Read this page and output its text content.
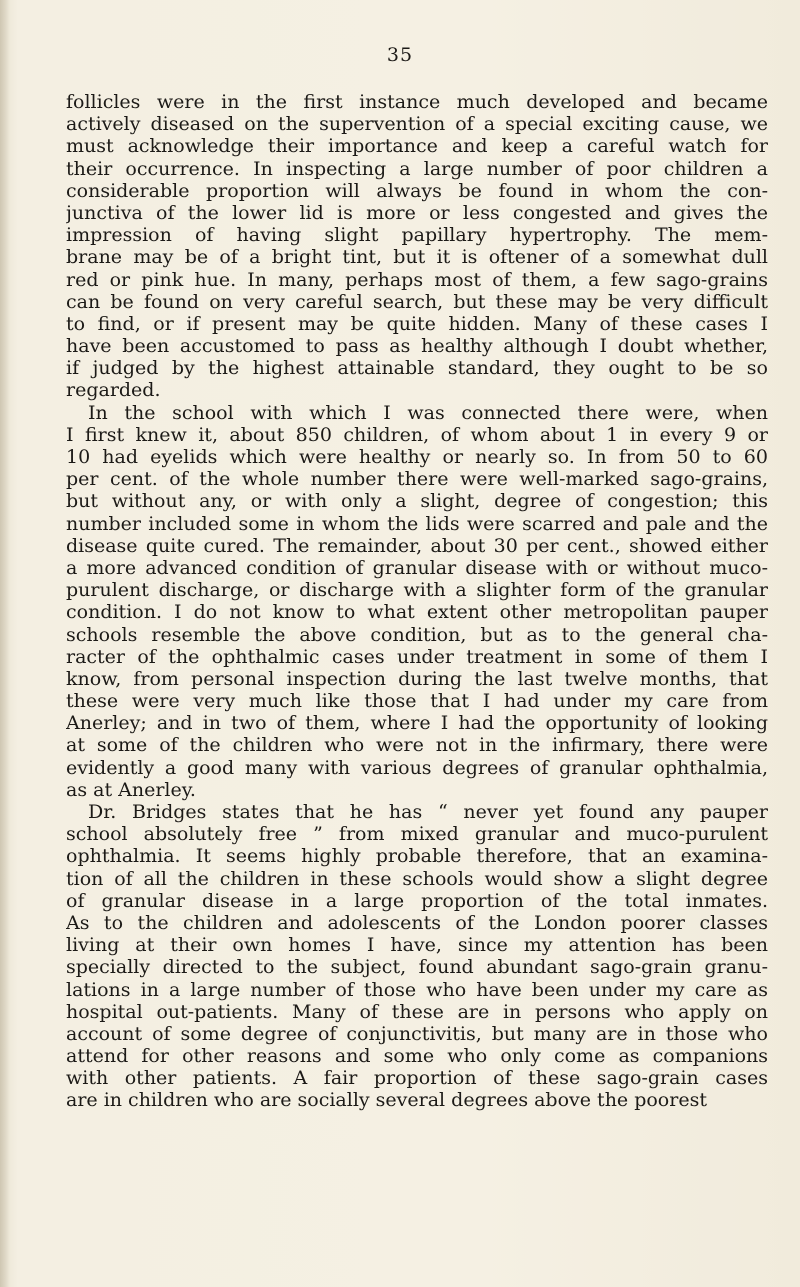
35
follicles were in the first instance much developed and became
actively diseased on the supervention of a special exciting cause, we
must acknowledge their importance and keep a careful watch for
their occurrence. In inspecting a large number of poor children a
considerable proportion will always be found in whom the con-
junctiva of the lower lid is more or less congested and gives the
impression of having slight papillary hypertrophy. The mem-
brane may be of a bright tint, but it is oftener of a somewhat dull
red or pink hue. In many, perhaps most of them, a few sago-grains
can be found on very careful search, but these may be very difficult
to find, or if present may be quite hidden. Many of these cases I
have been accustomed to pass as healthy although I doubt whether,
if judged by the highest attainable standard, they ought to be so
regarded.
In the school with which I was connected there were, when
I first knew it, about 850 children, of whom about 1 in every 9 or
10 had eyelids which were healthy or nearly so. In from 50 to 60
per cent. of the whole number there were well-marked sago-grains,
but without any, or with only a slight, degree of congestion; this
number included some in whom the lids were scarred and pale and the
disease quite cured. The remainder, about 30 per cent., showed either
a more advanced condition of granular disease with or without muco-
purulent discharge, or discharge with a slighter form of the granular
condition. I do not know to what extent other metropolitan pauper
schools resemble the above condition, but as to the general cha-
racter of the ophthalmic cases under treatment in some of them I
know, from personal inspection during the last twelve months, that
these were very much like those that I had under my care from
Anerley; and in two of them, where I had the opportunity of looking
at some of the children who were not in the infirmary, there were
evidently a good many with various degrees of granular ophthalmia,
as at Anerley.
Dr. Bridges states that he has “ never yet found any pauper
school absolutely free ” from mixed granular and muco-purulent
ophthalmia. It seems highly probable therefore, that an examina-
tion of all the children in these schools would show a slight degree
of granular disease in a large proportion of the total inmates.
As to the children and adolescents of the London poorer classes
living at their own homes I have, since my attention has been
specially directed to the subject, found abundant sago-grain granu-
lations in a large number of those who have been under my care as
hospital out-patients. Many of these are in persons who apply on
account of some degree of conjunctivitis, but many are in those who
attend for other reasons and some who only come as companions
with other patients. A fair proportion of these sago-grain cases
are in children who are socially several degrees above the poorest
